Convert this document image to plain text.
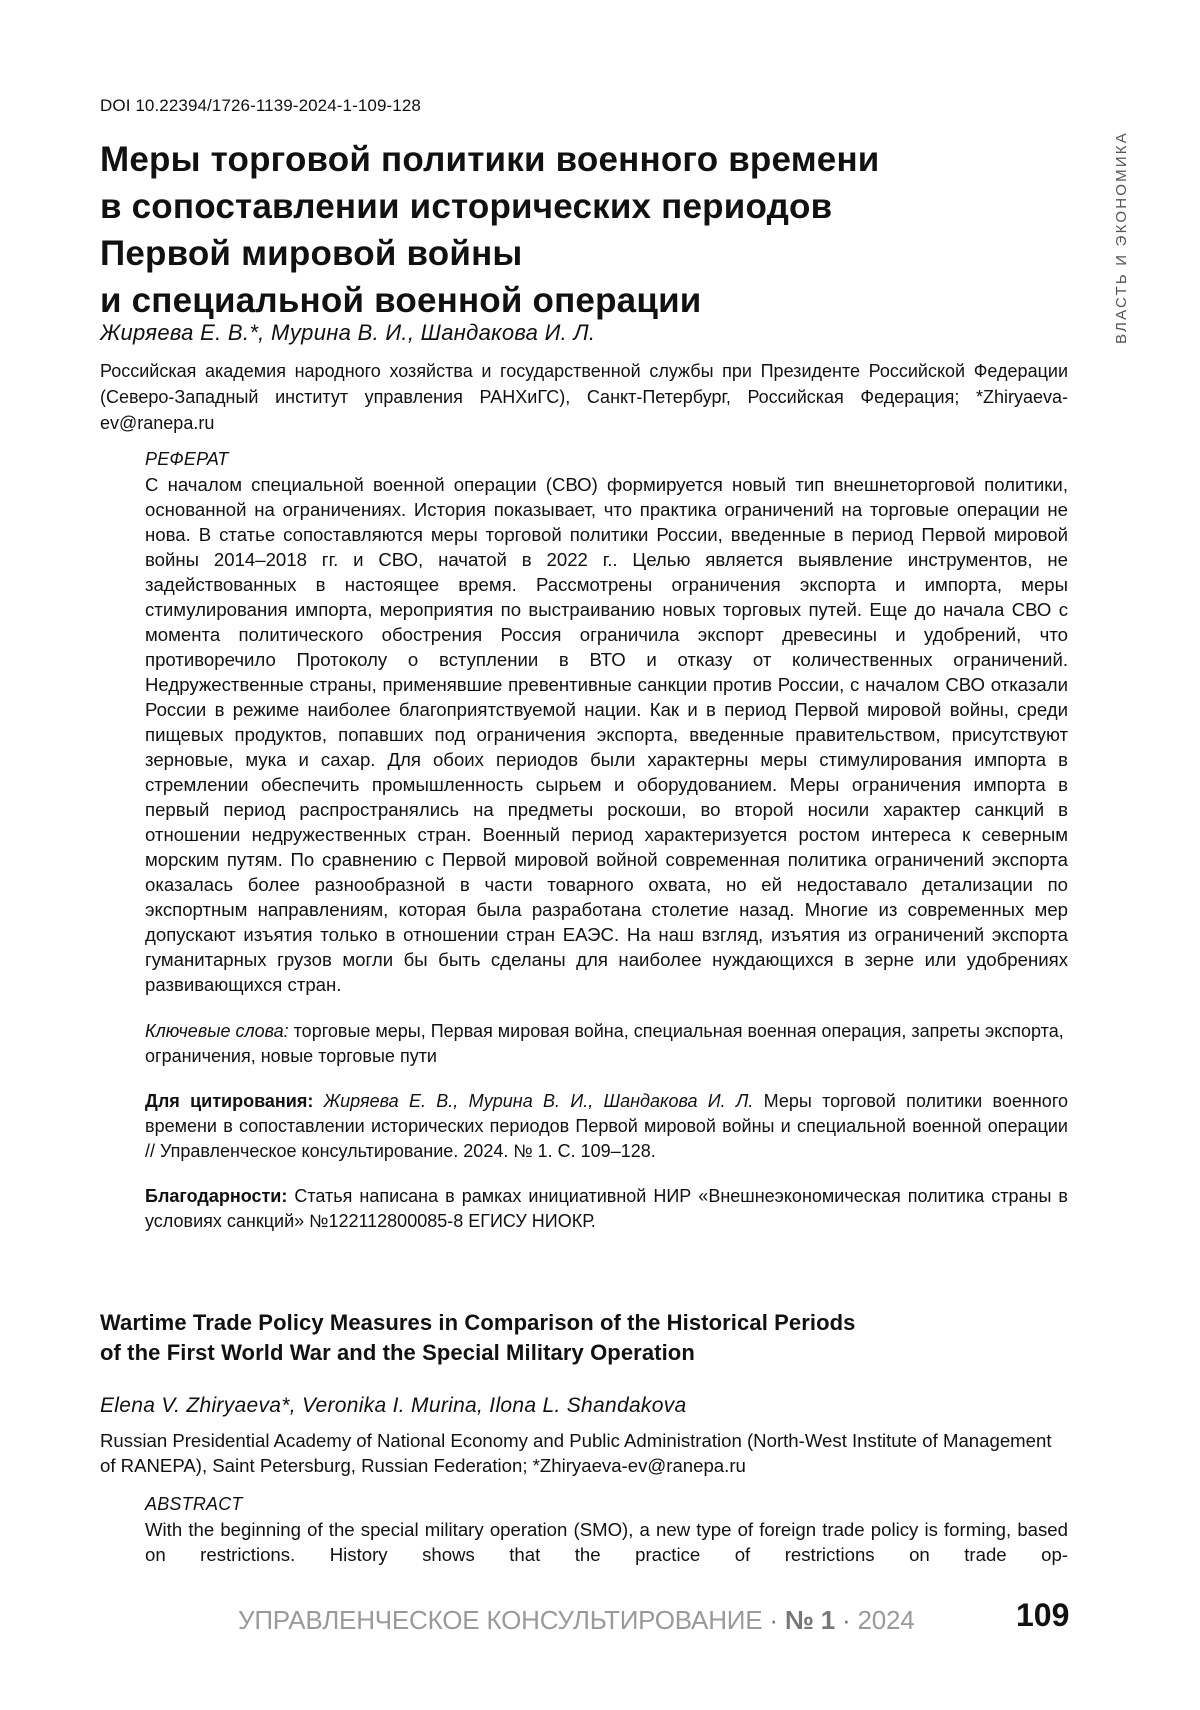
DOI 10.22394/1726-1139-2024-1-109-128
ВЛАСТЬ И ЭКОНОМИКА
Меры торговой политики военного времени
в сопоставлении исторических периодов
Первой мировой войны
и специальной военной операции
Жиряева Е. В.*, Мурина В. И., Шандакова И. Л.
Российская академия народного хозяйства и государственной службы при Президенте Российской Федерации (Северо-Западный институт управления РАНХиГС), Санкт-Петербург, Российская Федерация; *Zhiryaeva-ev@ranepa.ru
РЕФЕРАТ
С началом специальной военной операции (СВО) формируется новый тип внешнеторговой политики, основанной на ограничениях. История показывает, что практика ограничений на торговые операции не нова. В статье сопоставляются меры торговой политики России, введенные в период Первой мировой войны 2014–2018 гг. и СВО, начатой в 2022 г.. Целью является выявление инструментов, не задействованных в настоящее время. Рассмотрены ограничения экспорта и импорта, меры стимулирования импорта, мероприятия по выстраиванию новых торговых путей. Еще до начала СВО с момента политического обострения Россия ограничила экспорт древесины и удобрений, что противоречило Протоколу о вступлении в ВТО и отказу от количественных ограничений. Недружественные страны, применявшие превентивные санкции против России, с началом СВО отказали России в режиме наиболее благоприятствуемой нации. Как и в период Первой мировой войны, среди пищевых продуктов, попавших под ограничения экспорта, введенные правительством, присутствуют зерновые, мука и сахар. Для обоих периодов были характерны меры стимулирования импорта в стремлении обеспечить промышленность сырьем и оборудованием. Меры ограничения импорта в первый период распространялись на предметы роскоши, во второй носили характер санкций в отношении недружественных стран. Военный период характеризуется ростом интереса к северным морским путям. По сравнению с Первой мировой войной современная политика ограничений экспорта оказалась более разнообразной в части товарного охвата, но ей недоставало детализации по экспортным направлениям, которая была разработана столетие назад. Многие из современных мер допускают изъятия только в отношении стран ЕАЭС. На наш взгляд, изъятия из ограничений экспорта гуманитарных грузов могли бы быть сделаны для наиболее нуждающихся в зерне или удобрениях развивающихся стран.
Ключевые слова: торговые меры, Первая мировая война, специальная военная операция, запреты экспорта, ограничения, новые торговые пути
Для цитирования: Жиряева Е. В., Мурина В. И., Шандакова И. Л. Меры торговой политики военного времени в сопоставлении исторических периодов Первой мировой войны и специальной военной операции // Управленческое консультирование. 2024. № 1. С. 109–128.
Благодарности: Статья написана в рамках инициативной НИР «Внешнеэкономическая политика страны в условиях санкций» №122112800085-8 ЕГИСУ НИОКР.
Wartime Trade Policy Measures in Comparison of the Historical Periods
of the First World War and the Special Military Operation
Elena V. Zhiryaeva*, Veronika I. Murina, Ilona L. Shandakova
Russian Presidential Academy of National Economy and Public Administration (North-West Institute of Management of RANEPA), Saint Petersburg, Russian Federation; *Zhiryaeva-ev@ranepa.ru
ABSTRACT
With the beginning of the special military operation (SMO), a new type of foreign trade policy is forming, based on restrictions. History shows that the practice of restrictions on trade op-
УПРАВЛЕНЧЕСКОЕ КОНСУЛЬТИРОВАНИЕ · № 1 · 2024	109
